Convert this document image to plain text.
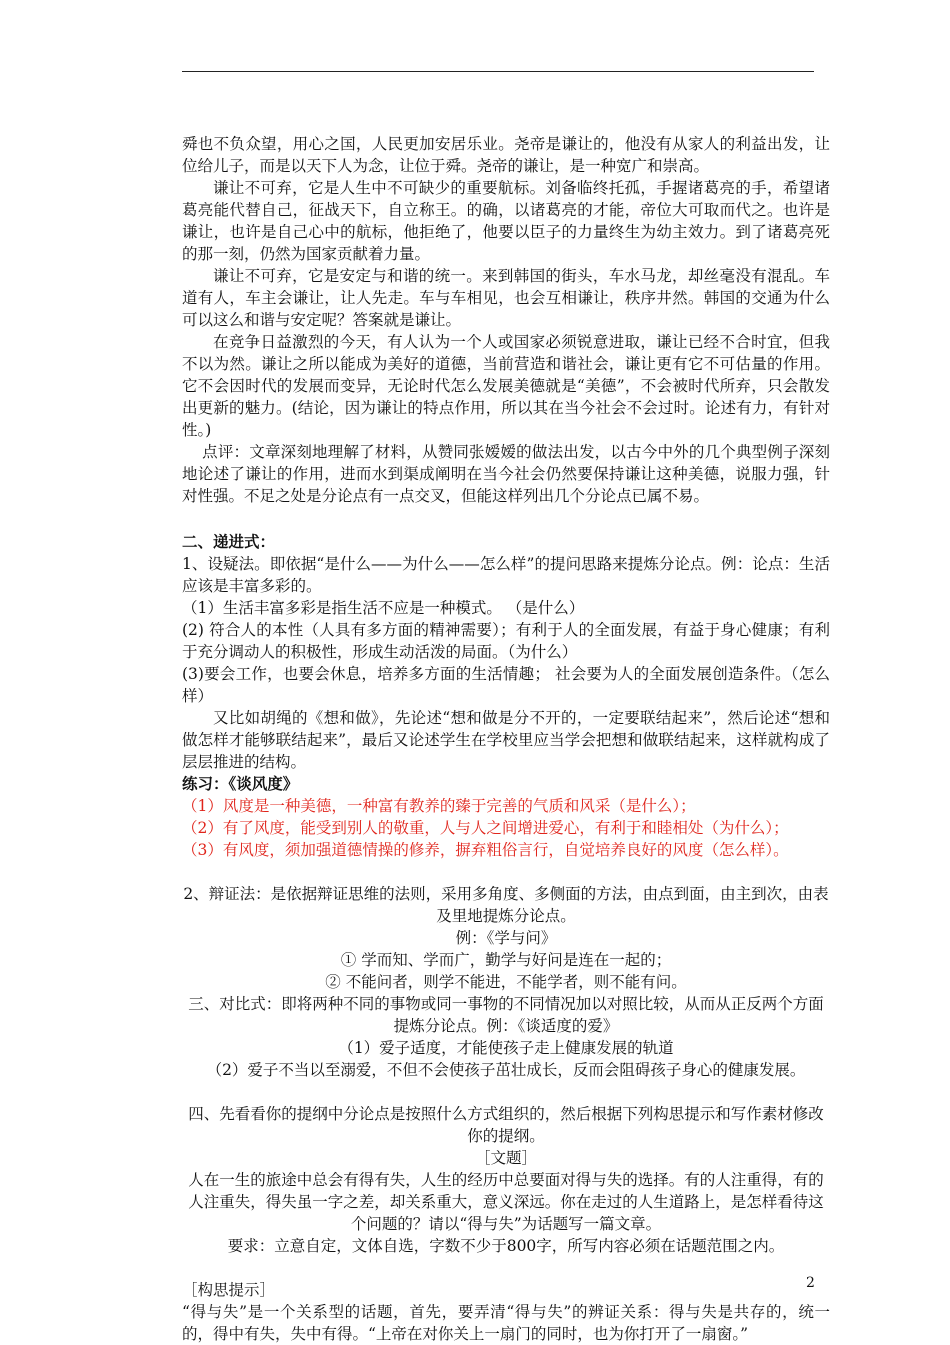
舜也不负众望，用心之国，人民更加安居乐业。尧帝是谦让的，他没有从家人的利益出发，让位给儿子，而是以天下人为念，让位于舜。尧帝的谦让，是一种宽广和崇高。

谦让不可弃，它是人生中不可缺少的重要航标。刘备临终托孤，手握诸葛亮的手，希望诸葛亮能代替自己，征战天下，自立称王。的确，以诸葛亮的才能，帝位大可取而代之。也许是谦让，也许是自己心中的航标，他拒绝了，他要以臣子的力量终生为幼主效力。到了诸葛亮死的那一刻，仍然为国家贡献着力量。

谦让不可弃，它是安定与和谐的统一。来到韩国的街头，车水马龙，却丝毫没有混乱。车道有人，车主会谦让，让人先走。车与车相见，也会互相谦让，秩序井然。韩国的交通为什么可以这么和谐与安定呢？答案就是谦让。

在竞争日益激烈的今天，有人认为一个人或国家必须锐意进取，谦让已经不合时宜，但我不以为然。谦让之所以能成为美好的道德，当前营造和谐社会，谦让更有它不可估量的作用。它不会因时代的发展而变异，无论时代怎么发展美德就是“美德”，不会被时代所弃，只会散发出更新的魅力。(结论，因为谦让的特点作用，所以其在当今社会不会过时。论述有力，有针对性。)

点评：文章深刻地理解了材料，从赞同张嫒嫒的做法出发，以古今中外的几个典型例子深刻地论述了谦让的作用，进而水到渠成阐明在当今社会仍然要保持谦让这种美德，说服力强，针对性强。不足之处是分论点有一点交叉，但能这样列出几个分论点已属不易。

二、递进式：

1、设疑法。即依据“是什么——为什么——怎么样”的提问思路来提炼分论点。例：论点：生活应该是丰富多彩的。

（1）生活丰富多彩是指生活不应是一种模式。 （是什么）

(2) 符合人的本性（人具有多方面的精神需要）；有利于人的全面发展，有益于身心健康；有利于充分调动人的积极性，形成生动活泼的局面。（为什么）

(3)要会工作，也要会休息，培养多方面的生活情趣； 社会要为人的全面发展创造条件。（怎么样）

又比如胡绳的《想和做》，先论述“想和做是分不开的，一定要联结起来”，然后论述“想和做怎样才能够联结起来”，最后又论述学生在学校里应当学会把想和做联结起来，这样就构成了层层推进的结构。

练习：《谈风度》

（1）风度是一种美德，一种富有教养的臻于完善的气质和风采（是什么）；

（2）有了风度，能受到别人的敬重，人与人之间增进爱心，有利于和睦相处（为什么）；

（3）有风度，须加强道德情操的修养，摒弃粗俗言行，自觉培养良好的风度（怎么样）。

2、辩证法：是依据辩证思维的法则，采用多角度、多侧面的方法，由点到面，由主到次，由表及里地提炼分论点。

例：《学与问》

① 学而知、学而广，勤学与好问是连在一起的；

② 不能问者，则学不能进，不能学者，则不能有问。

三、对比式：即将两种不同的事物或同一事物的不同情况加以对照比较，从而从正反两个方面提炼分论点。例：《谈适度的爱》

（1）爱子适度，才能使孩子走上健康发展的轨道

（2）爱子不当以至溺爱，不但不会使孩子茁壮成长，反而会阻碍孩子身心的健康发展。

四、先看看你的提纲中分论点是按照什么方式组织的，然后根据下列构思提示和写作素材修改你的提纲。

［文题］

人在一生的旅途中总会有得有失，人生的经历中总要面对得与失的选择。有的人注重得，有的人注重失，得失虽一字之差，却关系重大，意义深远。你在走过的人生道路上，是怎样看待这个问题的？请以“得与失”为话题写一篇文章。

要求：立意自定，文体自选，字数不少于800字，所写内容必须在话题范围之内。

［构思提示］

“得与失”是一个关系型的话题，首先，要弄清“得与失”的辨证关系：得与失是共存的，统一的，得中有失，失中有得。“上帝在对你关上一扇门的同时，也为你打开了一扇窗。”

2
